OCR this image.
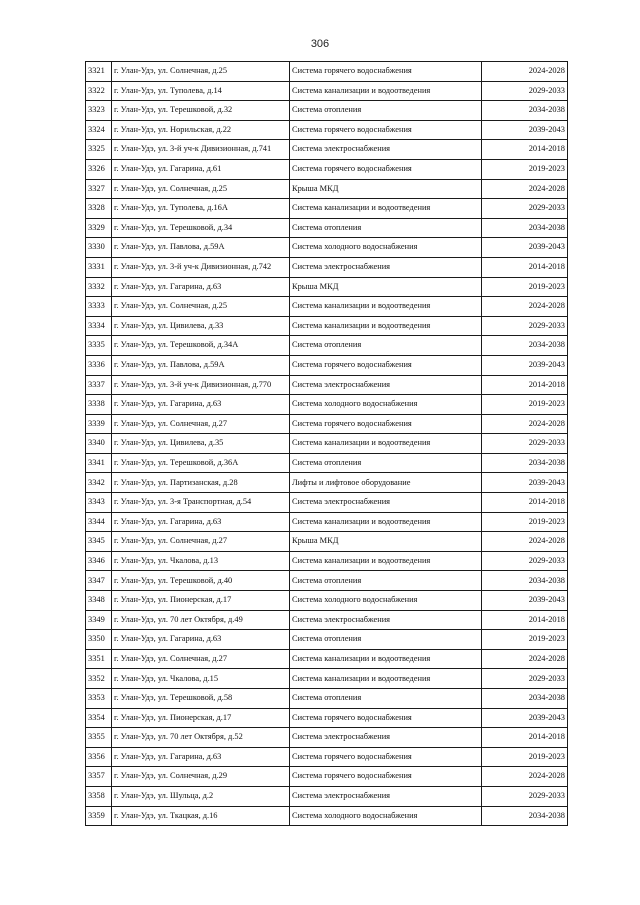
306
3321	г. Улан-Удэ, ул. Солнечная, д.25	Система горячего водоснабжения	2024-2028
3322	г. Улан-Удэ, ул. Туполева, д.14	Система канализации и водоотведения	2029-2033
3323	г. Улан-Удэ, ул. Терешковой, д.32	Система отопления	2034-2038
3324	г. Улан-Удэ, ул. Норильская, д.22	Система горячего водоснабжения	2039-2043
3325	г. Улан-Удэ, ул. 3-й уч-к Дивизионная, д.741	Система электроснабжения	2014-2018
3326	г. Улан-Удэ, ул. Гагарина, д.61	Система горячего водоснабжения	2019-2023
3327	г. Улан-Удэ, ул. Солнечная, д.25	Крыша МКД	2024-2028
3328	г. Улан-Удэ, ул. Туполева, д.16А	Система канализации и водоотведения	2029-2033
3329	г. Улан-Удэ, ул. Терешковой, д.34	Система отопления	2034-2038
3330	г. Улан-Удэ, ул. Павлова, д.59А	Система холодного водоснабжения	2039-2043
3331	г. Улан-Удэ, ул. 3-й уч-к Дивизионная, д.742	Система электроснабжения	2014-2018
3332	г. Улан-Удэ, ул. Гагарина, д.63	Крыша МКД	2019-2023
3333	г. Улан-Удэ, ул. Солнечная, д.25	Система канализации и водоотведения	2024-2028
3334	г. Улан-Удэ, ул. Цивилева, д.33	Система канализации и водоотведения	2029-2033
3335	г. Улан-Удэ, ул. Терешковой, д.34А	Система отопления	2034-2038
3336	г. Улан-Удэ, ул. Павлова, д.59А	Система горячего водоснабжения	2039-2043
3337	г. Улан-Удэ, ул. 3-й уч-к Дивизионная, д.770	Система электроснабжения	2014-2018
3338	г. Улан-Удэ, ул. Гагарина, д.63	Система холодного водоснабжения	2019-2023
3339	г. Улан-Удэ, ул. Солнечная, д.27	Система горячего водоснабжения	2024-2028
3340	г. Улан-Удэ, ул. Цивилева, д.35	Система канализации и водоотведения	2029-2033
3341	г. Улан-Удэ, ул. Терешковой, д.36А	Система отопления	2034-2038
3342	г. Улан-Удэ, ул. Партизанская, д.28	Лифты и лифтовое оборудование	2039-2043
3343	г. Улан-Удэ, ул. 3-я Транспортная, д.54	Система электроснабжения	2014-2018
3344	г. Улан-Удэ, ул. Гагарина, д.63	Система канализации и водоотведения	2019-2023
3345	г. Улан-Удэ, ул. Солнечная, д.27	Крыша МКД	2024-2028
3346	г. Улан-Удэ, ул. Чкалова, д.13	Система канализации и водоотведения	2029-2033
3347	г. Улан-Удэ, ул. Терешковой, д.40	Система отопления	2034-2038
3348	г. Улан-Удэ, ул. Пионерская, д.17	Система холодного водоснабжения	2039-2043
3349	г. Улан-Удэ, ул. 70 лет Октября, д.49	Система электроснабжения	2014-2018
3350	г. Улан-Удэ, ул. Гагарина, д.63	Система отопления	2019-2023
3351	г. Улан-Удэ, ул. Солнечная, д.27	Система канализации и водоотведения	2024-2028
3352	г. Улан-Удэ, ул. Чкалова, д.15	Система канализации и водоотведения	2029-2033
3353	г. Улан-Удэ, ул. Терешковой, д.58	Система отопления	2034-2038
3354	г. Улан-Удэ, ул. Пионерская, д.17	Система горячего водоснабжения	2039-2043
3355	г. Улан-Удэ, ул. 70 лет Октября, д.52	Система электроснабжения	2014-2018
3356	г. Улан-Удэ, ул. Гагарина, д.63	Система горячего водоснабжения	2019-2023
3357	г. Улан-Удэ, ул. Солнечная, д.29	Система горячего водоснабжения	2024-2028
3358	г. Улан-Удэ, ул. Шульца, д.2	Система электроснабжения	2029-2033
3359	г. Улан-Удэ, ул. Ткацкая, д.16	Система холодного водоснабжения	2034-2038
